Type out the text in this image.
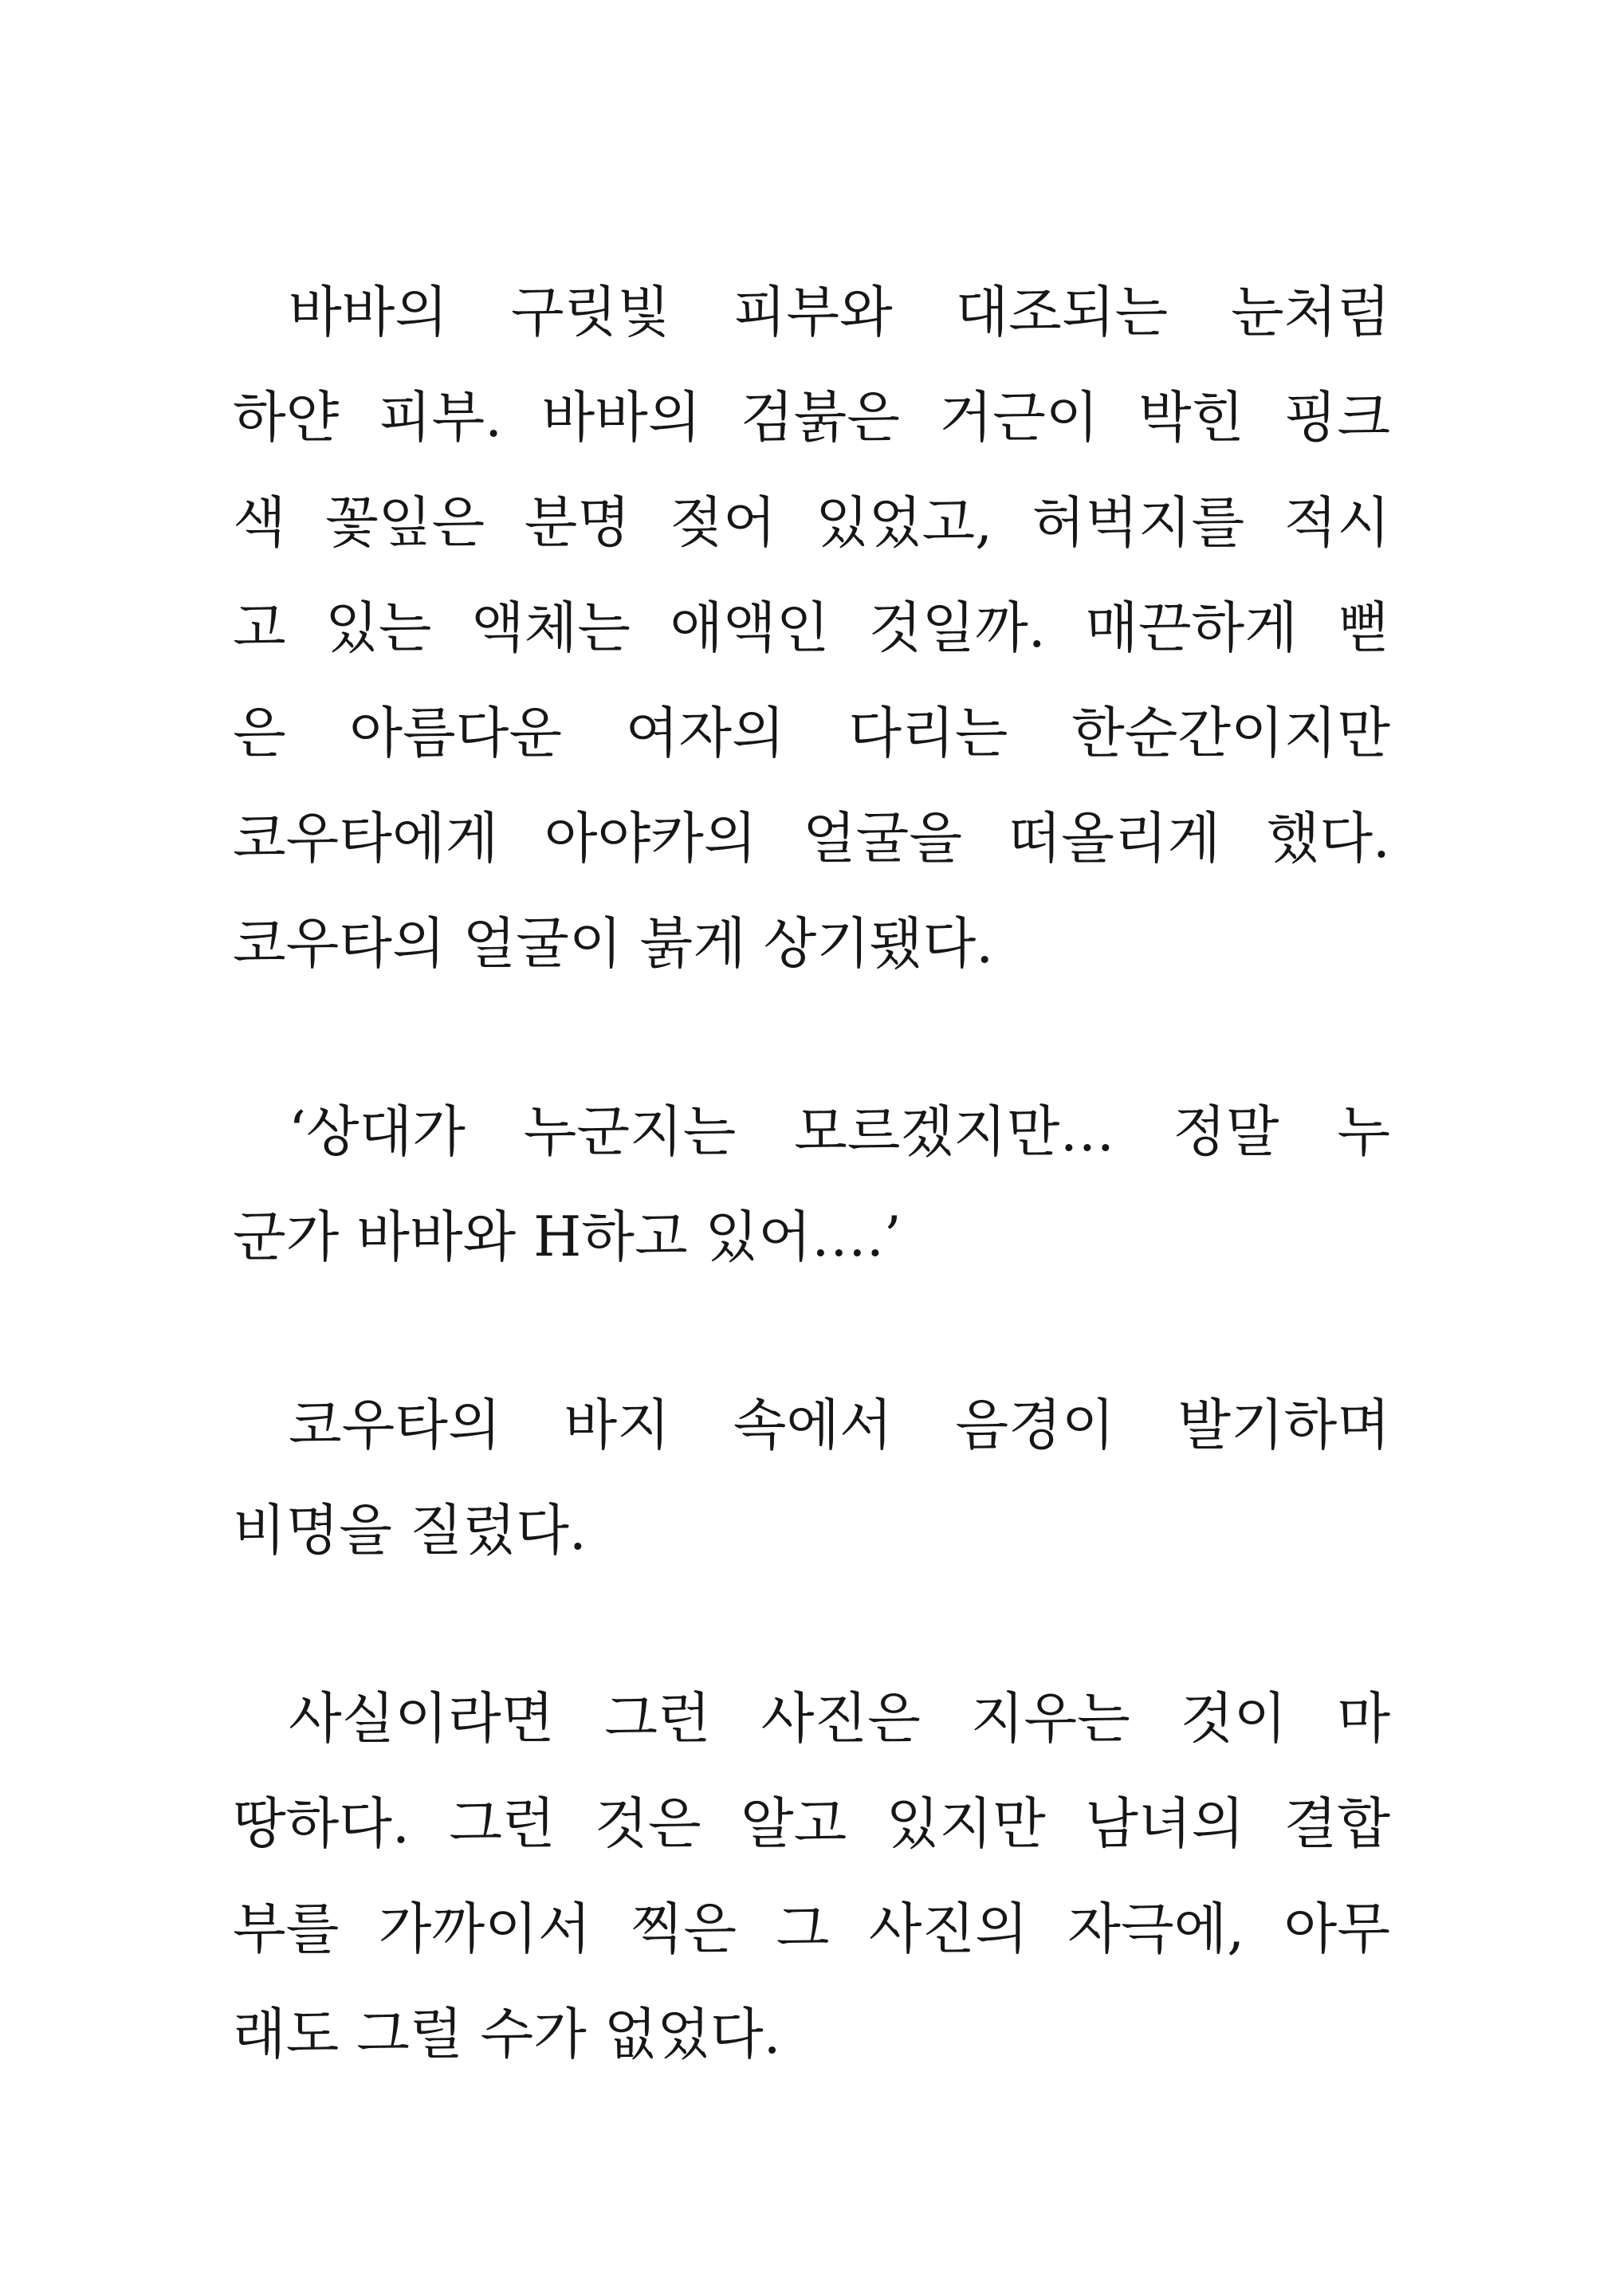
바바의 구릿빛 피부와 대조되는 눈처럼
하얀 피부. 바바의 검붉은 거근이 박힌 핑크
색 꽃잎은 분명 젖어 있었고, 허벅지를 적시
고 있는 액체는 애액인 것일까. 매끈하게 뻗
은 아름다운 여자의 다리는 한순간이지만
코우타에게 아야카의 얼굴을 떠올리게 했다.
코우타의 얼굴이 붉게 상기됐다.
‘상대가 누군지는 모르겠지만… 정말 누
군가 바바와 H하고 있어….’
코우타의 바지 속에서 음경이 발기하며
비명을 질렀다.
사실이라면 그런 사진은 지우는 것이 마
땅하다. 그런 것은 알고 있지만 남녀의 결합
부를 가까이서 찍은 그 사진의 자극에, 아무
래도 그럴 수가 없었다.
